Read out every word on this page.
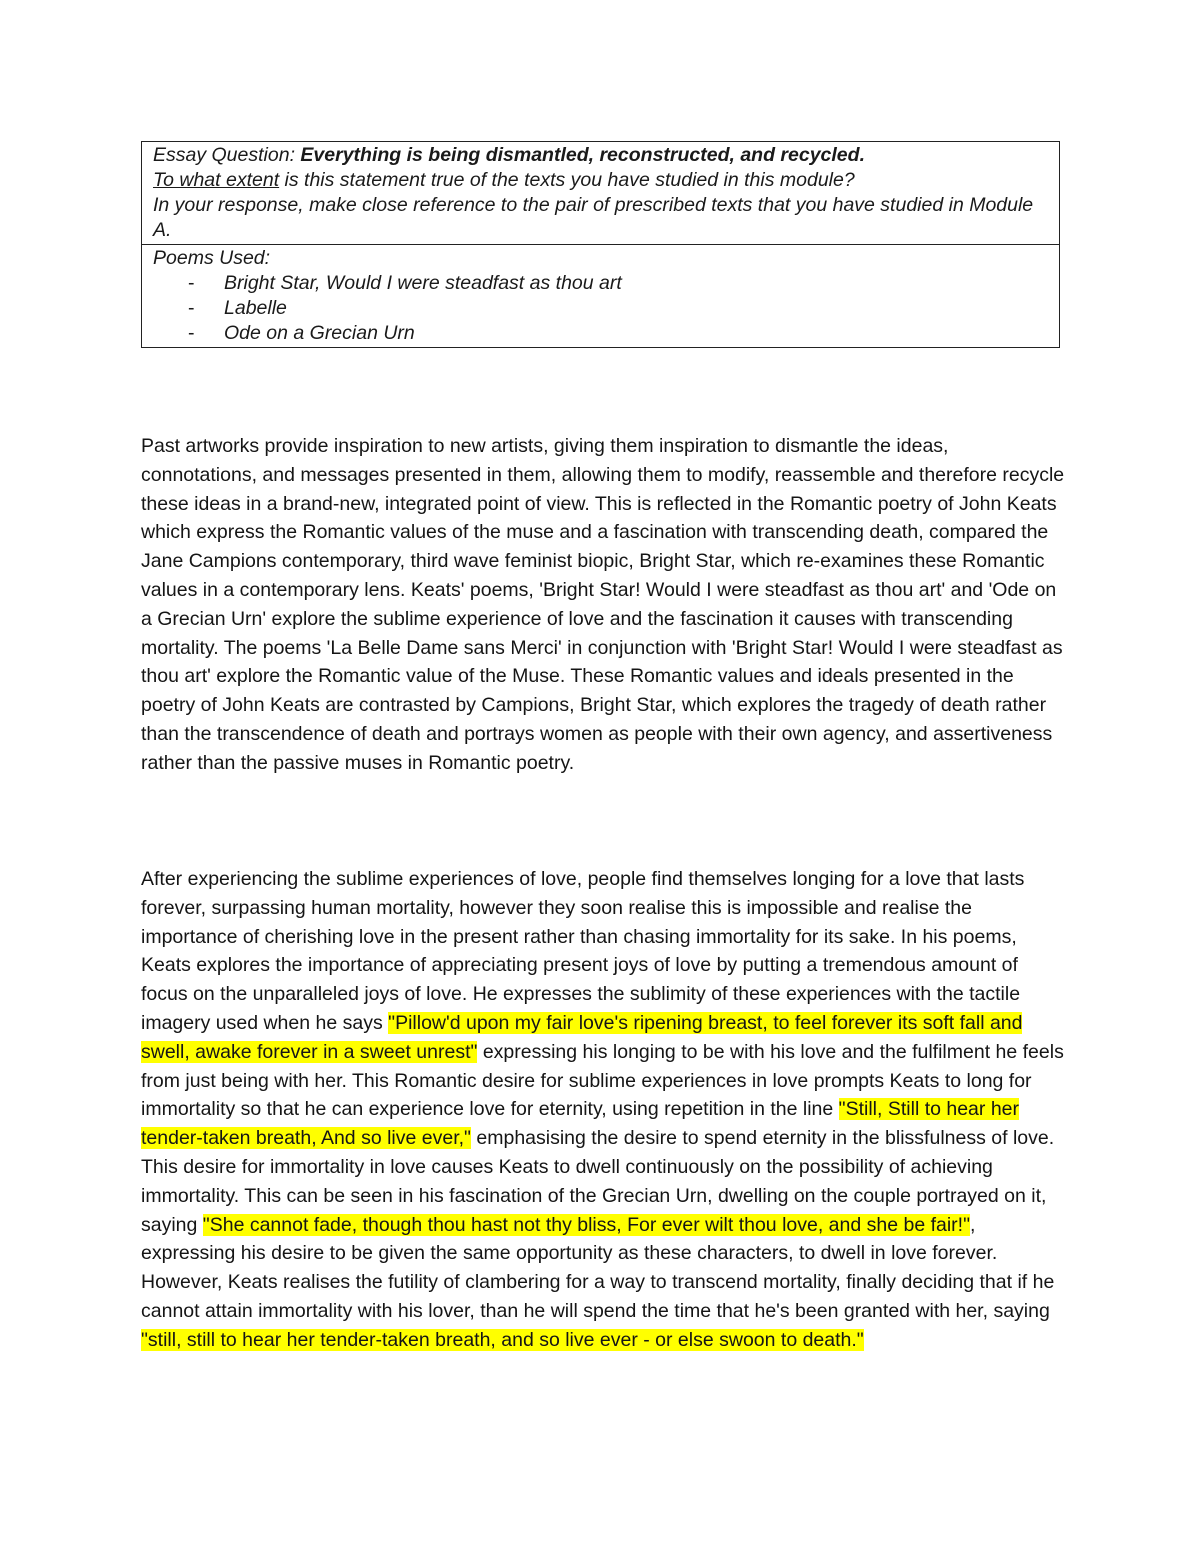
Essay Question: Everything is being dismantled, reconstructed, and recycled.

To what extent is this statement true of the texts you have studied in this module?

In your response, make close reference to the pair of prescribed texts that you have studied in Module A.

Poems Used:

- Bright Star, Would I were steadfast as thou art
- Labelle
- Ode on a Grecian Urn

Past artworks provide inspiration to new artists, giving them inspiration to dismantle the ideas, connotations, and messages presented in them, allowing them to modify, reassemble and therefore recycle these ideas in a brand-new, integrated point of view. This is reflected in the Romantic poetry of John Keats which express the Romantic values of the muse and a fascination with transcending death, compared the Jane Campions contemporary, third wave feminist biopic, Bright Star, which re-examines these Romantic values in a contemporary lens. Keats' poems, 'Bright Star! Would I were steadfast as thou art' and 'Ode on a Grecian Urn' explore the sublime experience of love and the fascination it causes with transcending mortality. The poems 'La Belle Dame sans Merci' in conjunction with 'Bright Star! Would I were steadfast as thou art' explore the Romantic value of the Muse. These Romantic values and ideals presented in the poetry of John Keats are contrasted by Campions, Bright Star, which explores the tragedy of death rather than the transcendence of death and portrays women as people with their own agency, and assertiveness rather than the passive muses in Romantic poetry.

After experiencing the sublime experiences of love, people find themselves longing for a love that lasts forever, surpassing human mortality, however they soon realise this is impossible and realise the importance of cherishing love in the present rather than chasing immortality for its sake. In his poems, Keats explores the importance of appreciating present joys of love by putting a tremendous amount of focus on the unparalleled joys of love. He expresses the sublimity of these experiences with the tactile imagery used when he says "Pillow'd upon my fair love's ripening breast, to feel forever its soft fall and swell, awake forever in a sweet unrest" expressing his longing to be with his love and the fulfilment he feels from just being with her. This Romantic desire for sublime experiences in love prompts Keats to long for immortality so that he can experience love for eternity, using repetition in the line "Still, Still to hear her tender-taken breath, And so live ever," emphasising the desire to spend eternity in the blissfulness of love. This desire for immortality in love causes Keats to dwell continuously on the possibility of achieving immortality. This can be seen in his fascination of the Grecian Urn, dwelling on the couple portrayed on it, saying "She cannot fade, though thou hast not thy bliss, For ever wilt thou love, and she be fair!", expressing his desire to be given the same opportunity as these characters, to dwell in love forever. However, Keats realises the futility of clambering for a way to transcend mortality, finally deciding that if he cannot attain immortality with his lover, than he will spend the time that he's been granted with her, saying "still, still to hear her tender-taken breath, and so live ever - or else swoon to death."
